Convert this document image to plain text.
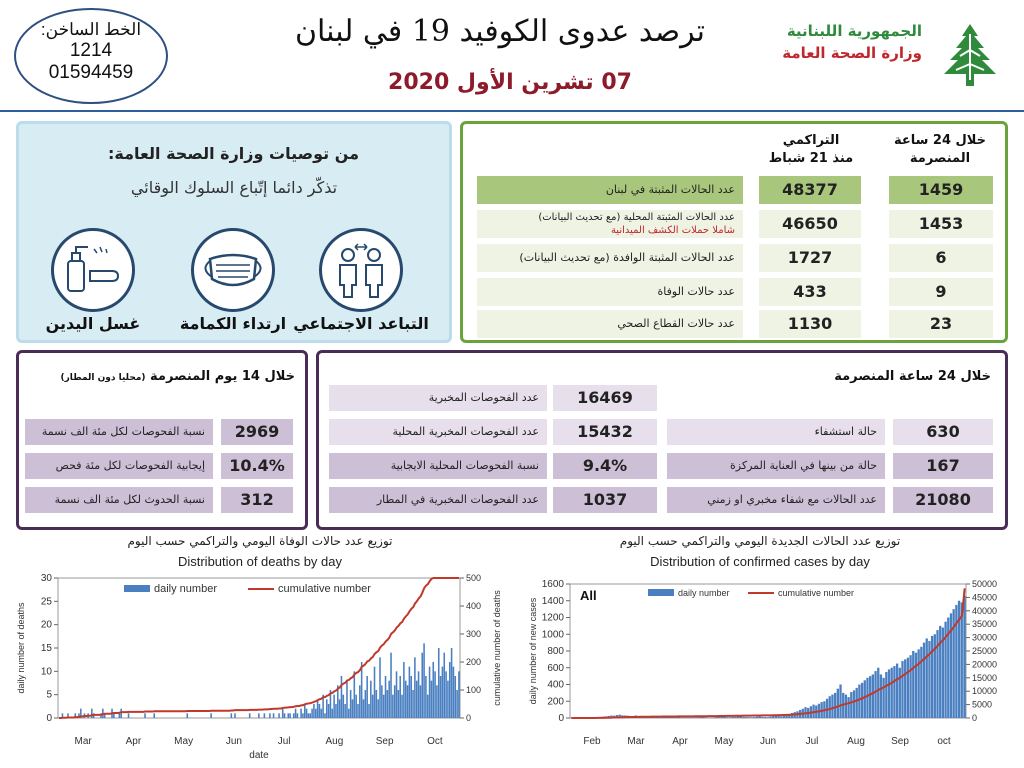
الخط الساخن:
1214
01594459
ترصد عدوى الكوفيد 19 في لبنان
07 تشرين الأول 2020
الجمهورية اللبنانية
وزارة الصحة العامة
من توصيات وزارة الصحة العامة:
تذكّر دائما إتّباع السلوك الوقائي
التباعد الاجتماعي
ارتداء الكمامة
غسل اليدين
خلال 24 ساعة المنصرمة
التراكمي
منذ 21 شباط
عدد الحالات المثبتة في لبنان	48377	1459
عدد الحالات المثبتة المحلية (مع تحديث البيانات)
شاملا حملات الكشف الميدانية	46650	1453
عدد الحالات المثبتة الوافدة (مع تحديث البيانات)	1727	6
عدد حالات الوفاة	433	9
عدد حالات القطاع الصحي	1130	23
خلال 14 يوم المنصرمة (محليا دون المطار)
نسبة الفحوصات لكل مئة الف نسمة	2969
إيجابية الفحوصات لكل مئة فحص	10.4%
نسبة الحدوث لكل مئة الف نسمة	312
خلال 24 ساعة المنصرمة
عدد الفحوصات المخبرية	16469
عدد الفحوصات المخبرية المحلية	15432
نسبة الفحوصات المحلية الايجابية	9.4%
عدد الفحوصات المخبرية في المطار	1037
حالة استشفاء	630
حالة من بينها في العناية المركزة	167
عدد الحالات مع شفاء مخبري او زمني	21080
توزيع عدد حالات الوفاة اليومي والتراكمي حسب اليوم
Distribution of deaths by day
توزيع عدد الحالات الجديدة اليومي والتراكمي حسب اليوم
Distribution of confirmed cases by day
0
5
10
15
20
25
30
0
100
200
300
400
500
Mar	Apr	May	Jun	Jul	Aug	Sep	Oct
daily number	cumulative number
daily number of deaths	cumulative number of deaths
date
0
200
400
600
800
1000
1200
1400
1600
0
5000
10000
15000
20000
25000
30000
35000
40000
45000
50000
Feb	Mar	Apr	May	Jun	Jul	Aug	Sep	oct
daily number	cumulative number
daily number of new cases
All
